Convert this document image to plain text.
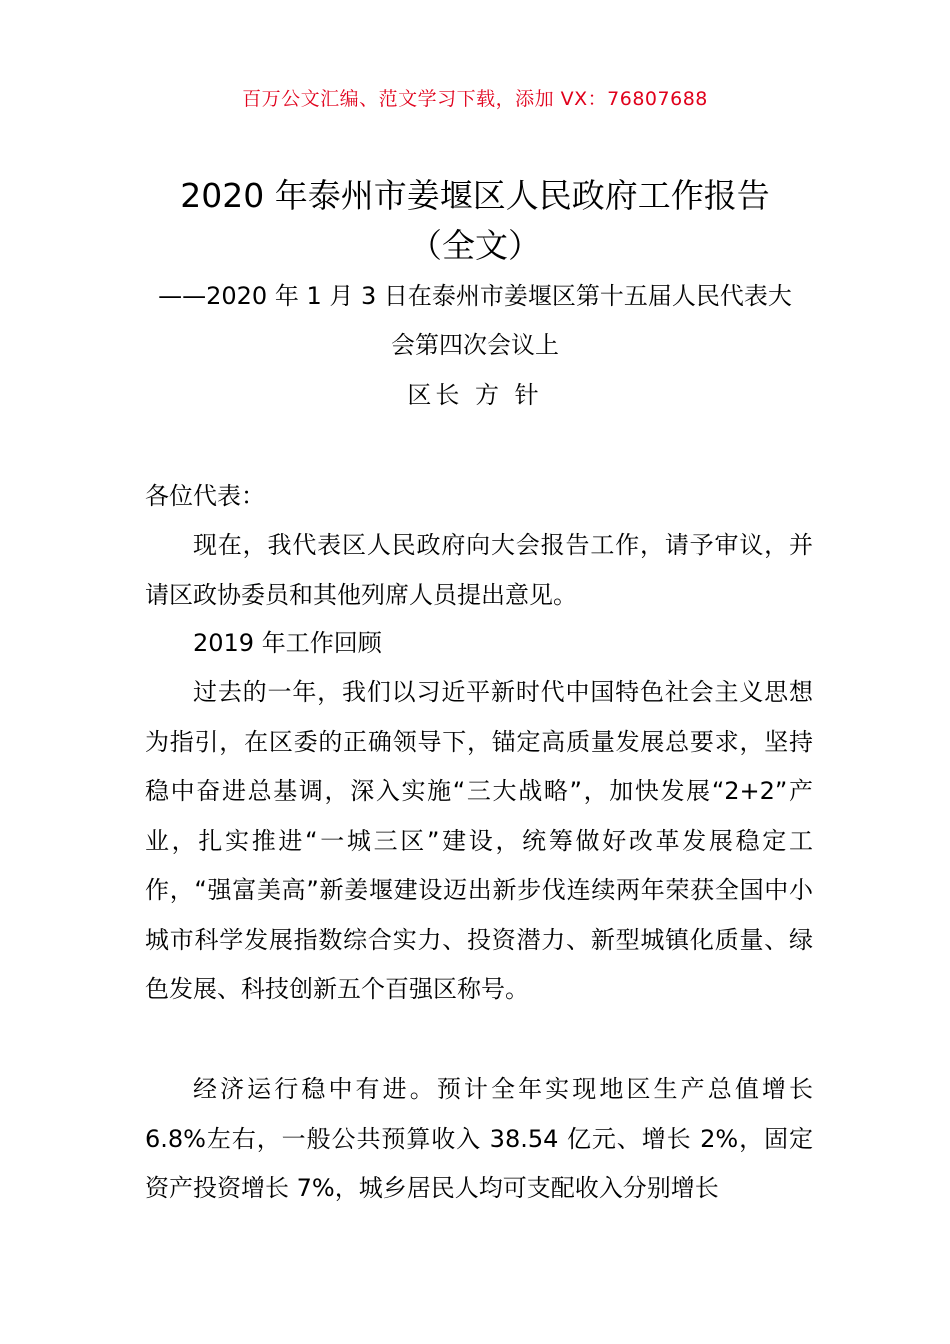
百万公文汇编、范文学习下载，添加 VX：76807688
2020 年泰州市姜堰区人民政府工作报告
（全文）
——2020 年 1 月 3 日在泰州市姜堰区第十五届人民代表大
会第四次会议上
区长 方 针

各位代表：

现在，我代表区人民政府向大会报告工作，请予审议，并请区政协委员和其他列席人员提出意见。

2019 年工作回顾

过去的一年，我们以习近平新时代中国特色社会主义思想为指引，在区委的正确领导下，锚定高质量发展总要求，坚持稳中奋进总基调，深入实施“三大战略”，加快发展“2+2”产业，扎实推进“一城三区”建设，统筹做好改革发展稳定工作，“强富美高”新姜堰建设迈出新步伐连续两年荣获全国中小城市科学发展指数综合实力、投资潜力、新型城镇化质量、绿色发展、科技创新五个百强区称号。

经济运行稳中有进。预计全年实现地区生产总值增长 6.8%左右，一般公共预算收入 38.54 亿元、增长 2%，固定资产投资增长 7%，城乡居民人均可支配收入分别增长
